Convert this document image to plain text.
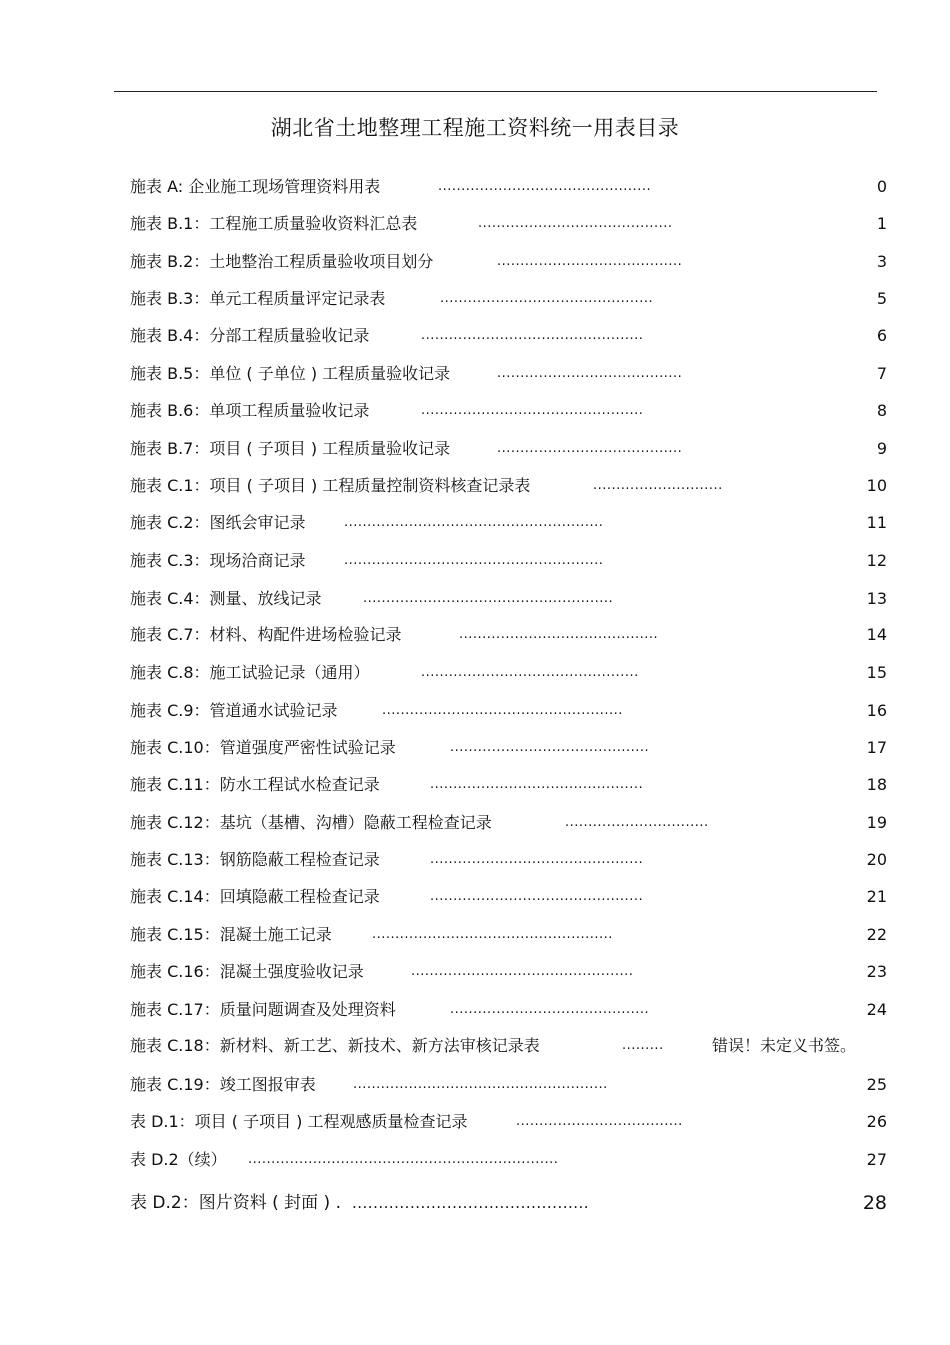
湖北省土地整理工程施工资料统一用表目录
施表 A: 企业施工现场管理资料用表	..............................................	0
施表 B.1：工程施工质量验收资料汇总表	..........................................	1
施表 B.2：土地整治工程质量验收项目划分	........................................	3
施表 B.3：单元工程质量评定记录表	..............................................	5
施表 B.4：分部工程质量验收记录	................................................	6
施表 B.5：单位 ( 子单位 ) 工程质量验收记录	........................................	7
施表 B.6：单项工程质量验收记录	................................................	8
施表 B.7：项目 ( 子项目 ) 工程质量验收记录	........................................	9
施表 C.1：项目 ( 子项目 ) 工程质量控制资料核查记录表	............................	10
施表 C.2：图纸会审记录	........................................................	11
施表 C.3：现场洽商记录	........................................................	12
施表 C.4：测量、放线记录	......................................................	13
施表 C.7：材料、构配件进场检验记录	...........................................	14
施表 C.8：施工试验记录（通用）	...............................................	15
施表 C.9：管道通水试验记录	....................................................	16
施表 C.10：管道强度严密性试验记录	...........................................	17
施表 C.11：防水工程试水检查记录	..............................................	18
施表 C.12：基坑（基槽、沟槽）隐蔽工程检查记录	...............................	19
施表 C.13：钢筋隐蔽工程检查记录	..............................................	20
施表 C.14：回填隐蔽工程检查记录	..............................................	21
施表 C.15：混凝土施工记录	....................................................	22
施表 C.16：混凝土强度验收记录	................................................	23
施表 C.17：质量问题调查及处理资料	...........................................	24
施表 C.18：新材料、新工艺、新技术、新方法审核记录表	.........	错误！未定义书签。
施表 C.19：竣工图报审表	.......................................................	25
表 D.1：项目 ( 子项目 ) 工程观感质量检查记录	....................................	26
表 D.2（续） ...................................................................	27
表 D.2：图片资料 ( 封面 ) . .............................................	28
